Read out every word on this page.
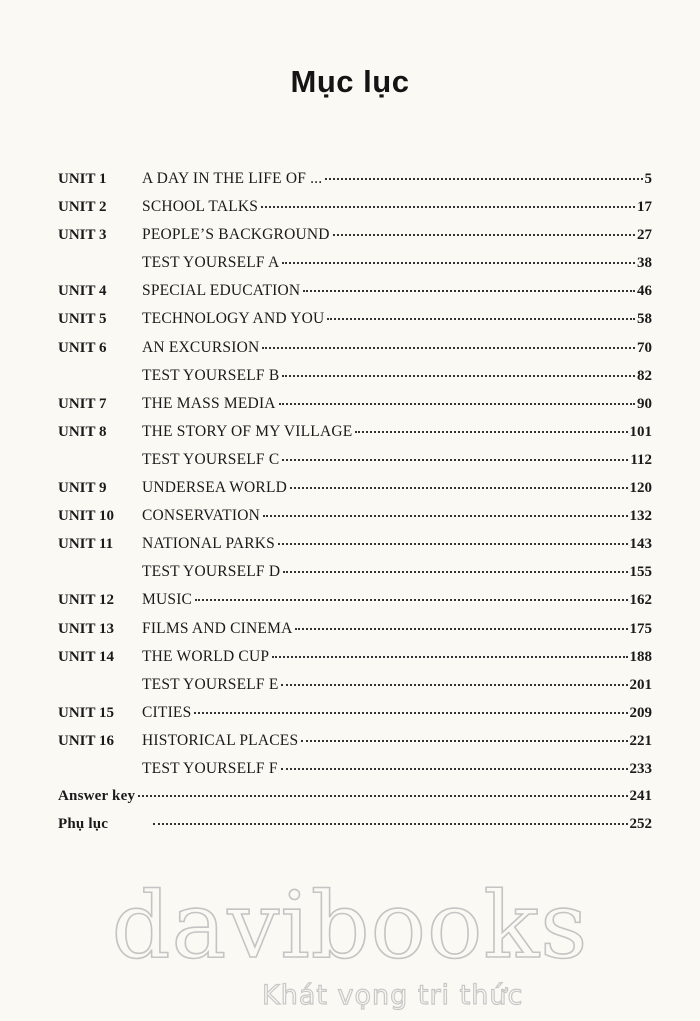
Mục lục
UNIT 1	A DAY IN THE LIFE OF ...	5
UNIT 2	SCHOOL TALKS	17
UNIT 3	PEOPLE’S BACKGROUND	27
TEST YOURSELF A	38
UNIT 4	SPECIAL EDUCATION	46
UNIT 5	TECHNOLOGY AND YOU	58
UNIT 6	AN EXCURSION	70
TEST YOURSELF B	82
UNIT 7	THE MASS MEDIA	90
UNIT 8	THE STORY OF MY VILLAGE	101
TEST YOURSELF C	112
UNIT 9	UNDERSEA WORLD	120
UNIT 10	CONSERVATION	132
UNIT 11	NATIONAL PARKS	143
TEST YOURSELF D	155
UNIT 12	MUSIC	162
UNIT 13	FILMS AND CINEMA	175
UNIT 14	THE WORLD CUP	188
TEST YOURSELF E	201
UNIT 15	CITIES	209
UNIT 16	HISTORICAL PLACES	221
TEST YOURSELF F	233
Answer key	241
Phụ lục	252
davibooks
Khát vọng tri thức
